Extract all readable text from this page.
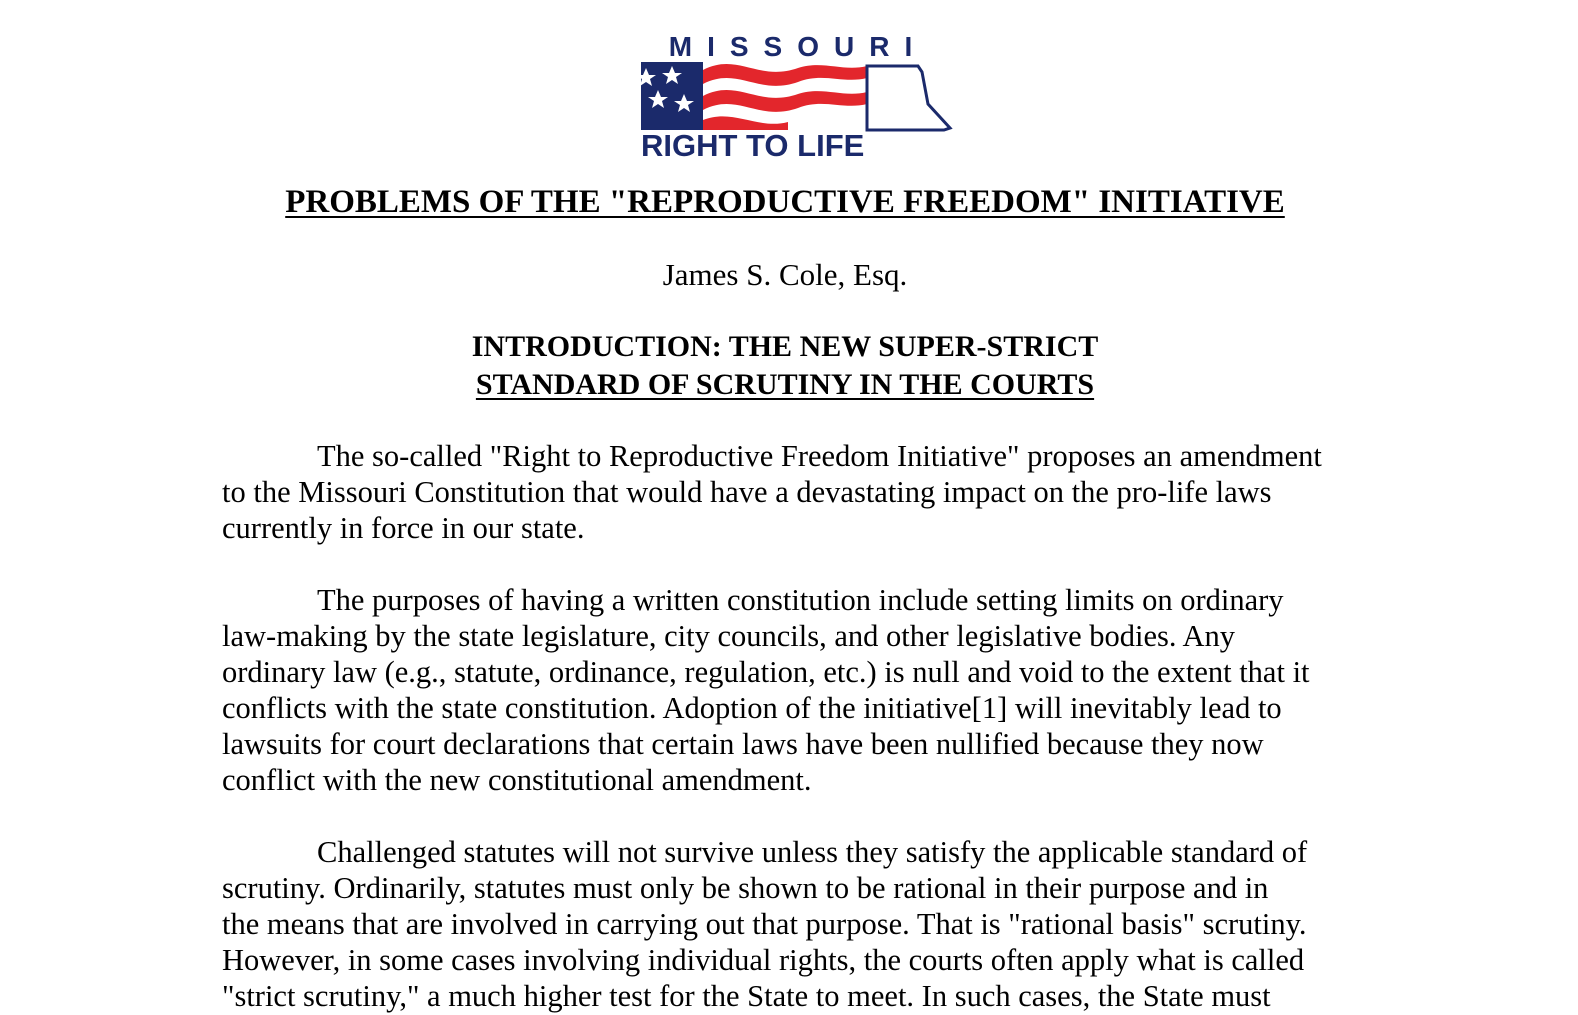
MISSOURI
RIGHT TO LIFE
PROBLEMS OF THE "REPRODUCTIVE FREEDOM" INITIATIVE
James S. Cole, Esq.
INTRODUCTION: THE NEW SUPER-STRICT
STANDARD OF SCRUTINY IN THE COURTS

The so-called "Right to Reproductive Freedom Initiative" proposes an amendment
to the Missouri Constitution that would have a devastating impact on the pro-life laws
currently in force in our state.

The purposes of having a written constitution include setting limits on ordinary
law-making by the state legislature, city councils, and other legislative bodies. Any
ordinary law (e.g., statute, ordinance, regulation, etc.) is null and void to the extent that it
conflicts with the state constitution. Adoption of the initiative[1] will inevitably lead to
lawsuits for court declarations that certain laws have been nullified because they now
conflict with the new constitutional amendment.

Challenged statutes will not survive unless they satisfy the applicable standard of
scrutiny. Ordinarily, statutes must only be shown to be rational in their purpose and in
the means that are involved in carrying out that purpose. That is "rational basis" scrutiny.
However, in some cases involving individual rights, the courts often apply what is called
"strict scrutiny," a much higher test for the State to meet. In such cases, the State must
